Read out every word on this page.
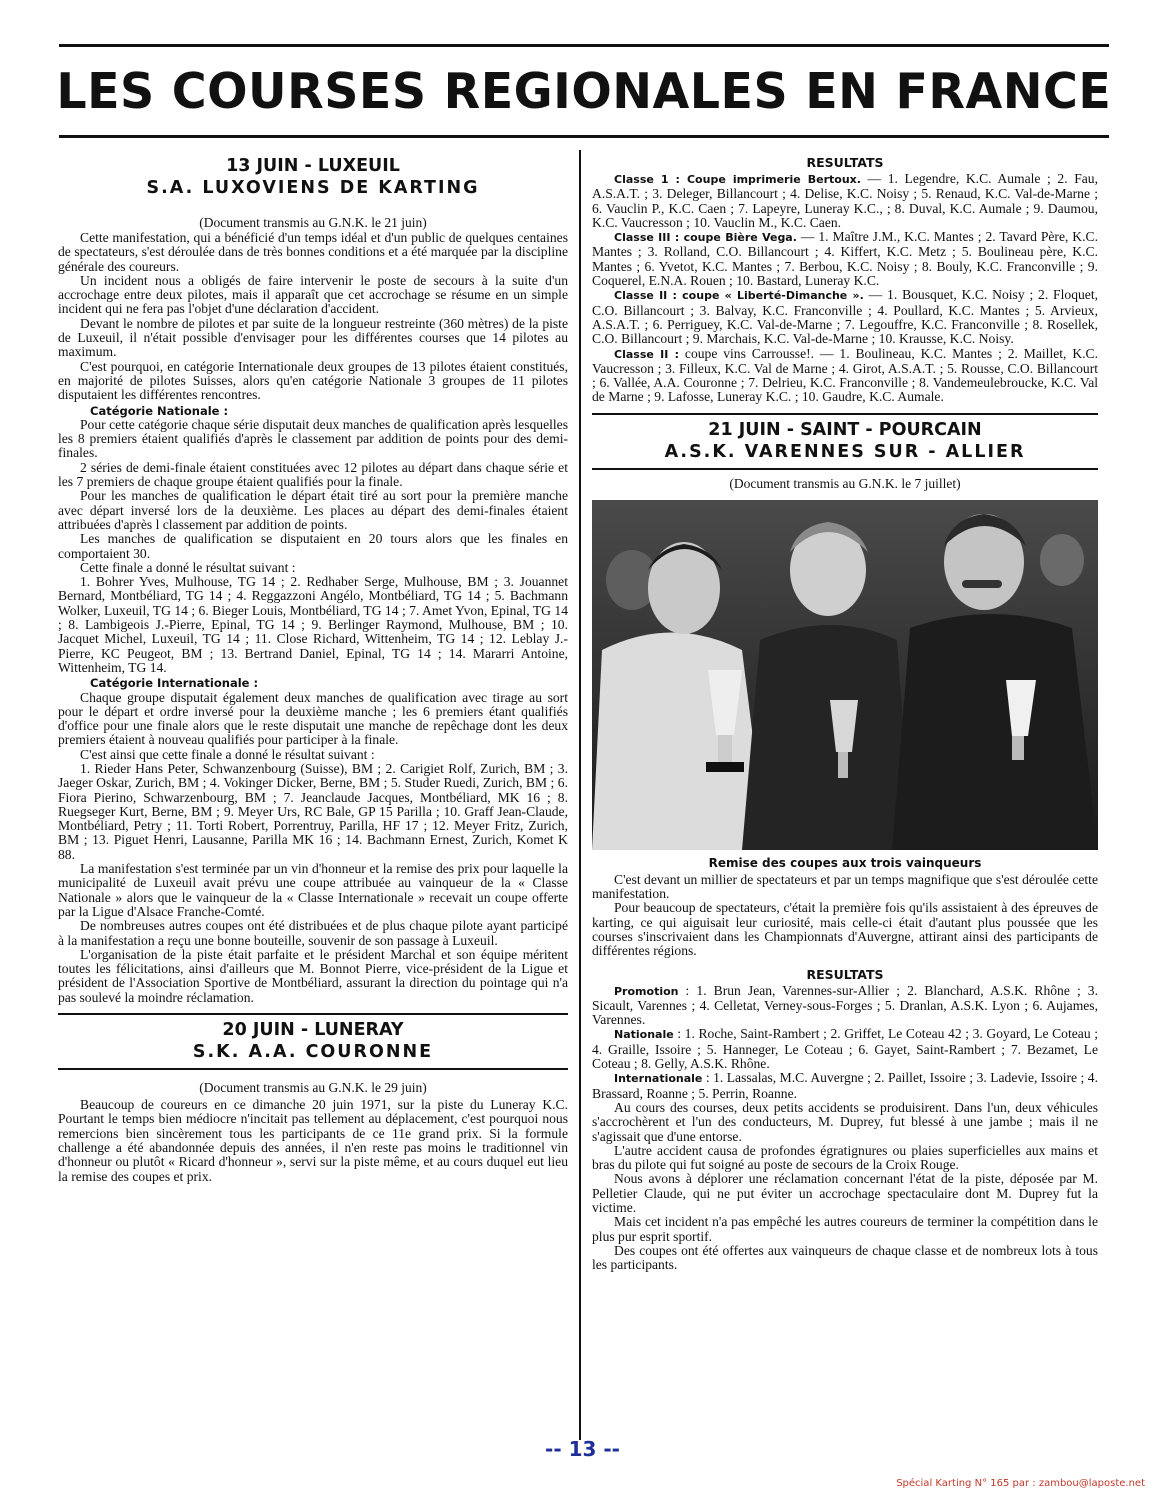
LES COURSES REGIONALES EN FRANCE
13 JUIN - LUXEUIL
S.A. LUXOVIENS DE KARTING
(Document transmis au G.N.K. le 21 juin)

Cette manifestation, qui a bénéficié d'un temps idéal et d'un public de quelques centaines de spectateurs, s'est déroulée dans de très bonnes conditions et a été marquée par la discipline générale des coureurs.

Un incident nous a obligés de faire intervenir le poste de secours à la suite d'un accrochage entre deux pilotes, mais il apparaît que cet accrochage se résume en un simple incident qui ne fera pas l'objet d'une déclaration d'accident.

Devant le nombre de pilotes et par suite de la longueur restreinte (360 mètres) de la piste de Luxeuil, il n'était possible d'envisager pour les différentes courses que 14 pilotes au maximum.

C'est pourquoi, en catégorie Internationale deux groupes de 13 pilotes étaient constitués, en majorité de pilotes Suisses, alors qu'en catégorie Nationale 3 groupes de 11 pilotes disputaient les différentes rencontres.

Catégorie Nationale :

Pour cette catégorie chaque série disputait deux manches de qualification après lesquelles les 8 premiers étaient qualifiés d'après le classement par addition de points pour des demi-finales.

2 séries de demi-finale étaient constituées avec 12 pilotes au départ dans chaque série et les 7 premiers de chaque groupe étaient qualifiés pour la finale.

Pour les manches de qualification le départ était tiré au sort pour la première manche avec départ inversé lors de la deuxième. Les places au départ des demi-finales étaient attribuées d'après l classement par addition de points.

Les manches de qualification se disputaient en 20 tours alors que les finales en comportaient 30.

Cette finale a donné le résultat suivant :

1. Bohrer Yves, Mulhouse, TG 14 ; 2. Redhaber Serge, Mulhouse, BM ; 3. Jouannet Bernard, Montbéliard, TG 14 ; 4. Reggazzoni Angélo, Montbéliard, TG 14 ; 5. Bachmann Wolker, Luxeuil, TG 14 ; 6. Bieger Louis, Montbéliard, TG 14 ; 7. Amet Yvon, Epinal, TG 14 ; 8. Lambigeois J.-Pierre, Epinal, TG 14 ; 9. Berlinger Raymond, Mulhouse, BM ; 10. Jacquet Michel, Luxeuil, TG 14 ; 11. Close Richard, Wittenheim, TG 14 ; 12. Leblay J.-Pierre, KC Peugeot, BM ; 13. Bertrand Daniel, Epinal, TG 14 ; 14. Mararri Antoine, Wittenheim, TG 14.

Catégorie Internationale :

Chaque groupe disputait également deux manches de qualification avec tirage au sort pour le départ et ordre inversé pour la deuxième manche ; les 6 premiers étant qualifiés d'office pour une finale alors que le reste disputait une manche de repêchage dont les deux premiers étaient à nouveau qualifiés pour participer à la finale.

C'est ainsi que cette finale a donné le résultat suivant :

1. Rieder Hans Peter, Schwanzenbourg (Suisse), BM ; 2. Carigiet Rolf, Zurich, BM ; 3. Jaeger Oskar, Zurich, BM ; 4. Vokinger Dicker, Berne, BM ; 5. Studer Ruedi, Zurich, BM ; 6. Fiora Pierino, Schwarzenbourg, BM ; 7. Jeanclaude Jacques, Montbéliard, MK 16 ; 8. Ruegseger Kurt, Berne, BM ; 9. Meyer Urs, RC Bale, GP 15 Parilla ; 10. Graff Jean-Claude, Montbéliard, Petry ; 11. Torti Robert, Porrentruy, Parilla, HF 17 ; 12. Meyer Fritz, Zurich, BM ; 13. Piguet Henri, Lausanne, Parilla MK 16 ; 14. Bachmann Ernest, Zurich, Komet K 88.

La manifestation s'est terminée par un vin d'honneur et la remise des prix pour laquelle la municipalité de Luxeuil avait prévu une coupe attribuée au vainqueur de la « Classe Nationale » alors que le vainqueur de la « Classe Internationale » recevait un coupe offerte par la Ligue d'Alsace Franche-Comté.

De nombreuses autres coupes ont été distribuées et de plus chaque pilote ayant participé à la manifestation a reçu une bonne bouteille, souvenir de son passage à Luxeuil.

L'organisation de la piste était parfaite et le président Marchal et son équipe méritent toutes les félicitations, ainsi d'ailleurs que M. Bonnot Pierre, vice-président de la Ligue et président de l'Association Sportive de Montbéliard, assurant la direction du pointage qui n'a pas soulevé la moindre réclamation.

20 JUIN - LUNERAY
S.K. A.A. COURONNE
(Document transmis au G.N.K. le 29 juin)

Beaucoup de coureurs en ce dimanche 20 juin 1971, sur la piste du Luneray K.C. Pourtant le temps bien médiocre n'incitait pas tellement au déplacement, c'est pourquoi nous remercions bien sincèrement tous les participants de ce 11e grand prix. Si la formule challenge a été abandonnée depuis des années, il n'en reste pas moins le traditionnel vin d'honneur ou plutôt « Ricard d'honneur », servi sur la piste même, et au cours duquel eut lieu la remise des coupes et prix.

RESULTATS

Classe 1 : Coupe imprimerie Bertoux. — 1. Legendre, K.C. Aumale ; 2. Fau, A.S.A.T. ; 3. Deleger, Billancourt ; 4. Delise, K.C. Noisy ; 5. Renaud, K.C. Val-de-Marne ; 6. Vauclin P., K.C. Caen ; 7. Lapeyre, Luneray K.C., ; 8. Duval, K.C. Aumale ; 9. Daumou, K.C. Vaucresson ; 10. Vauclin M., K.C. Caen.

Classe III : coupe Bière Vega. — 1. Maître J.M., K.C. Mantes ; 2. Tavard Père, K.C. Mantes ; 3. Rolland, C.O. Billancourt ; 4. Kiffert, K.C. Metz ; 5. Boulineau père, K.C. Mantes ; 6. Yvetot, K.C. Mantes ; 7. Berbou, K.C. Noisy ; 8. Bouly, K.C. Franconville ; 9. Coquerel, E.N.A. Rouen ; 10. Bastard, Luneray K.C.

Classe II : coupe « Liberté-Dimanche ». — 1. Bousquet, K.C. Noisy ; 2. Floquet, C.O. Billancourt ; 3. Balvay, K.C. Franconville ; 4. Poullard, K.C. Mantes ; 5. Arvieux, A.S.A.T. ; 6. Perriguey, K.C. Val-de-Marne ; 7. Legouffre, K.C. Franconville ; 8. Rosellek, C.O. Billancourt ; 9. Marchais, K.C. Val-de-Marne ; 10. Krausse, K.C. Noisy.

Classe II : coupe vins Carrousse!. — 1. Boulineau, K.C. Mantes ; 2. Maillet, K.C. Vaucresson ; 3. Filleux, K.C. Val de Marne ; 4. Girot, A.S.A.T. ; 5. Rousse, C.O. Billancourt ; 6. Vallée, A.A. Couronne ; 7. Delrieu, K.C. Franconville ; 8. Vandemeulebroucke, K.C. Val de Marne ; 9. Lafosse, Luneray K.C. ; 10. Gaudre, K.C. Aumale.

21 JUIN - SAINT - POURCAIN
A.S.K. VARENNES SUR - ALLIER
(Document transmis au G.N.K. le 7 juillet)
Remise des coupes aux trois vainqueurs

C'est devant un millier de spectateurs et par un temps magnifique que s'est déroulée cette manifestation.

Pour beaucoup de spectateurs, c'était la première fois qu'ils assistaient à des épreuves de karting, ce qui aiguisait leur curiosité, mais celle-ci était d'autant plus poussée que les courses s'inscrivaient dans les Championnats d'Auvergne, attirant ainsi des participants de différentes régions.

RESULTATS

Promotion : 1. Brun Jean, Varennes-sur-Allier ; 2. Blanchard, A.S.K. Rhône ; 3. Sicault, Varennes ; 4. Celletat, Verney-sous-Forges ; 5. Dranlan, A.S.K. Lyon ; 6. Aujames, Varennes.

Nationale : 1. Roche, Saint-Rambert ; 2. Griffet, Le Coteau 42 ; 3. Goyard, Le Coteau ; 4. Graille, Issoire ; 5. Hanneger, Le Coteau ; 6. Gayet, Saint-Rambert ; 7. Bezamet, Le Coteau ; 8. Gelly, A.S.K. Rhône.

Internationale : 1. Lassalas, M.C. Auvergne ; 2. Paillet, Issoire ; 3. Ladevie, Issoire ; 4. Brassard, Roanne ; 5. Perrin, Roanne.

Au cours des courses, deux petits accidents se produisirent. Dans l'un, deux véhicules s'accrochèrent et l'un des conducteurs, M. Duprey, fut blessé à une jambe ; mais il ne s'agissait que d'une entorse.

L'autre accident causa de profondes égratignures ou plaies superficielles aux mains et bras du pilote qui fut soigné au poste de secours de la Croix Rouge.

Nous avons à déplorer une réclamation concernant l'état de la piste, déposée par M. Pelletier Claude, qui ne put éviter un accrochage spectaculaire dont M. Duprey fut la victime.

Mais cet incident n'a pas empêché les autres coureurs de terminer la compétition dans le plus pur esprit sportif.

Des coupes ont été offertes aux vainqueurs de chaque classe et de nombreux lots à tous les participants.

-- 13 --
Spécial Karting N° 165 par : zambou@laposte.net
